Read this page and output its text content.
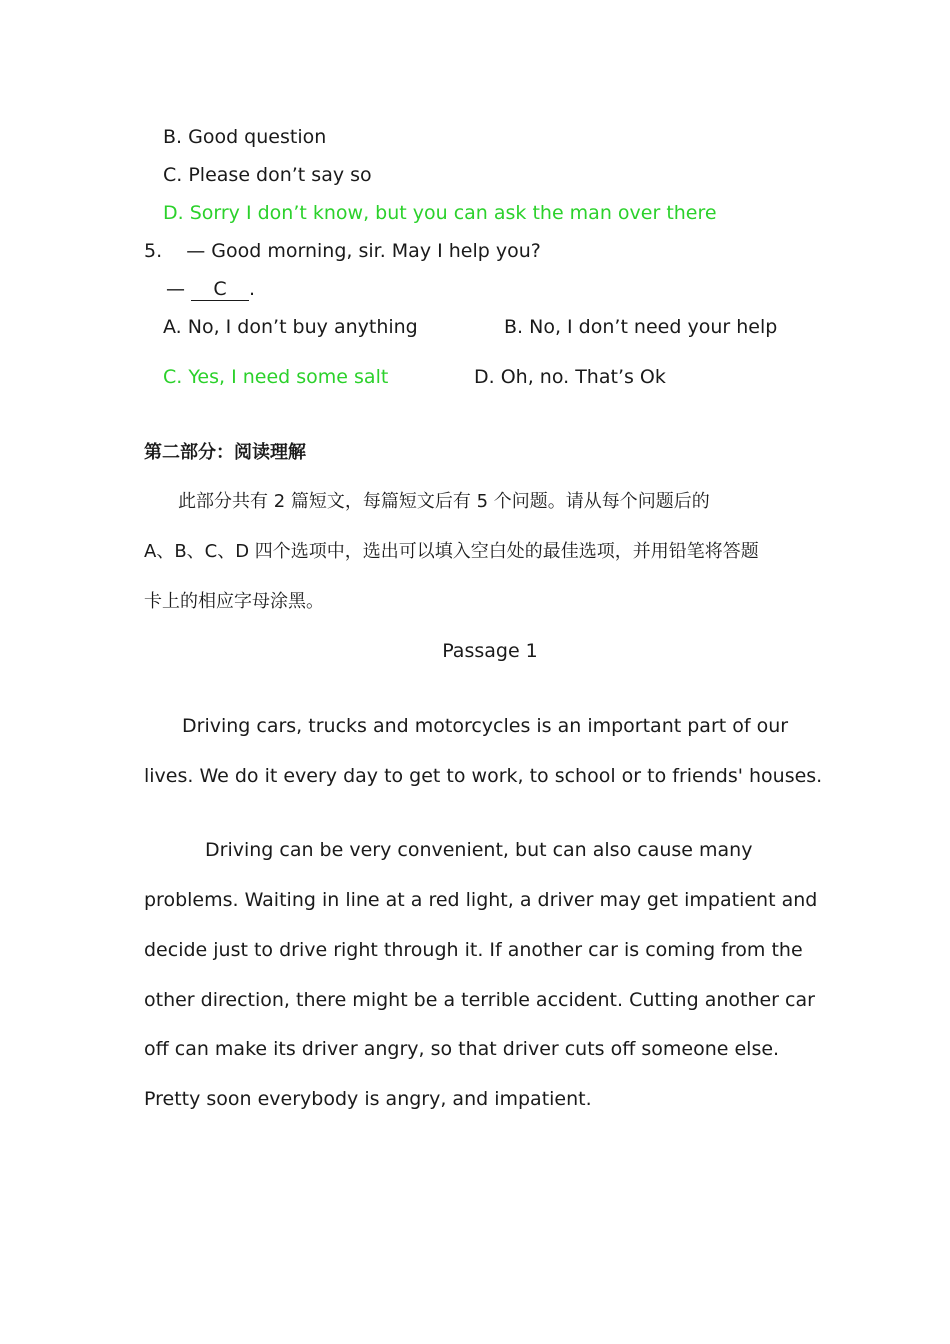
B. Good question
C. Please don’t say so
D. Sorry I don’t know, but you can ask the man over there
5. — Good morning, sir. May I help you?
— C .
A. No, I don’t buy anything	B. No, I don’t need your help
C. Yes, I need some salt	D. Oh, no. That’s Ok
第二部分：阅读理解
此部分共有 2 篇短文，每篇短文后有 5 个问题。请从每个问题后的
A、B、C、D 四个选项中，选出可以填入空白处的最佳选项，并用铅笔将答题
卡上的相应字母涂黑。
Passage 1
Driving cars, trucks and motorcycles is an important part of our
lives. We do it every day to get to work, to school or to friends' houses.
Driving can be very convenient, but can also cause many
problems. Waiting in line at a red light, a driver may get impatient and
decide just to drive right through it. If another car is coming from the
other direction, there might be a terrible accident. Cutting another car
off can make its driver angry, so that driver cuts off someone else.
Pretty soon everybody is angry, and impatient.
